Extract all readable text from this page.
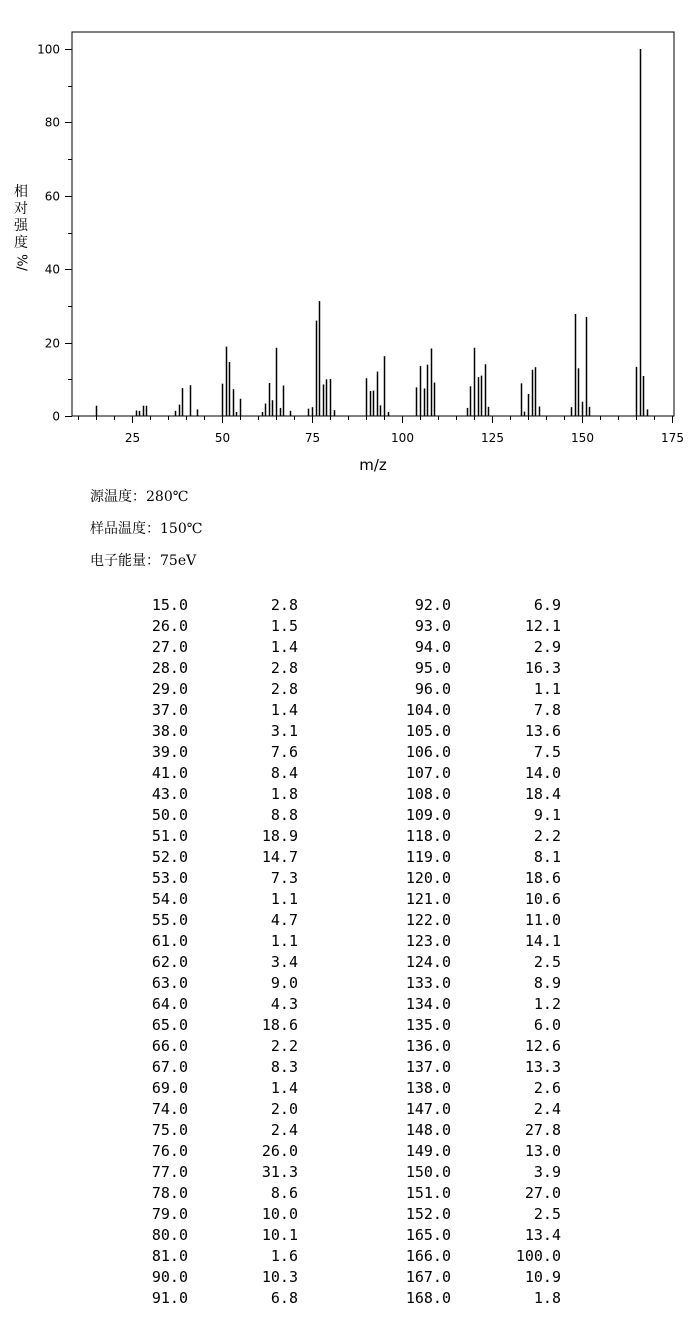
25	50	75	100	125	150	175
0
20
40
60
80
100
m/z
相
对
强
度
%/
源温度：280℃
样品温度：150℃
电子能量：75eV
15.0	2.8	92.0	6.9
26.0	1.5	93.0	12.1
27.0	1.4	94.0	2.9
28.0	2.8	95.0	16.3
29.0	2.8	96.0	1.1
37.0	1.4	104.0	7.8
38.0	3.1	105.0	13.6
39.0	7.6	106.0	7.5
41.0	8.4	107.0	14.0
43.0	1.8	108.0	18.4
50.0	8.8	109.0	9.1
51.0	18.9	118.0	2.2
52.0	14.7	119.0	8.1
53.0	7.3	120.0	18.6
54.0	1.1	121.0	10.6
55.0	4.7	122.0	11.0
61.0	1.1	123.0	14.1
62.0	3.4	124.0	2.5
63.0	9.0	133.0	8.9
64.0	4.3	134.0	1.2
65.0	18.6	135.0	6.0
66.0	2.2	136.0	12.6
67.0	8.3	137.0	13.3
69.0	1.4	138.0	2.6
74.0	2.0	147.0	2.4
75.0	2.4	148.0	27.8
76.0	26.0	149.0	13.0
77.0	31.3	150.0	3.9
78.0	8.6	151.0	27.0
79.0	10.0	152.0	2.5
80.0	10.1	165.0	13.4
81.0	1.6	166.0	100.0
90.0	10.3	167.0	10.9
91.0	6.8	168.0	1.8
